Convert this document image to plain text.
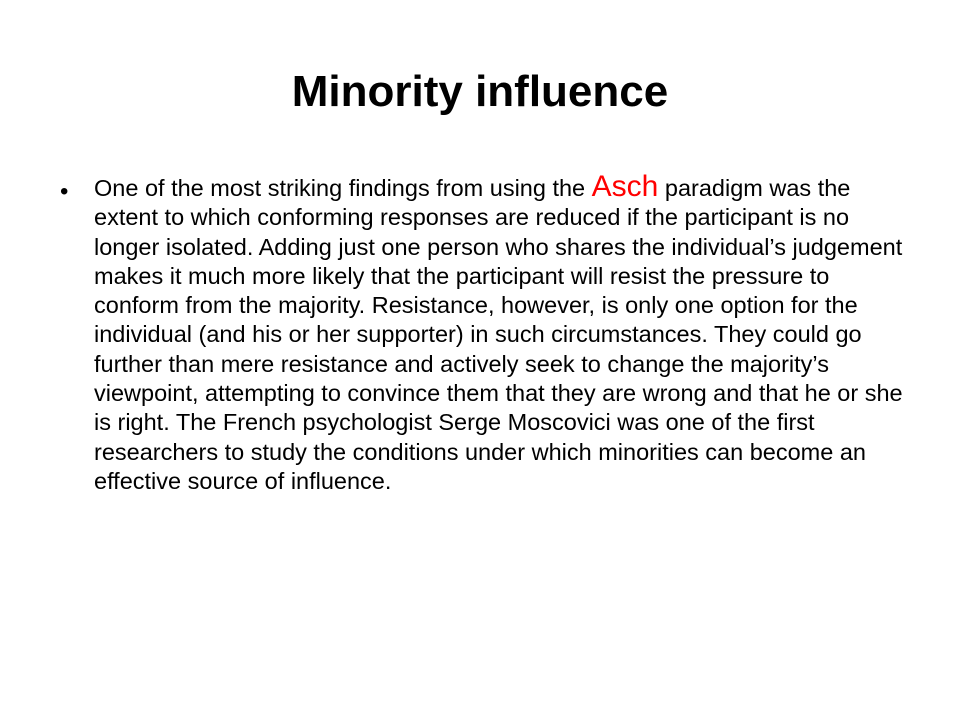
Minority influence
• One of the most striking findings from using the Asch paradigm was the extent to which conforming responses are reduced if the participant is no longer isolated. Adding just one person who shares the individual’s judgement makes it much more likely that the participant will resist the pressure to conform from the majority. Resistance, however, is only one option for the individual (and his or her supporter) in such circumstances. They could go further than mere resistance and actively seek to change the majority’s viewpoint, attempting to convince them that they are wrong and that he or she is right. The French psychologist Serge Moscovici was one of the first researchers to study the conditions under which minorities can become an effective source of influence.
